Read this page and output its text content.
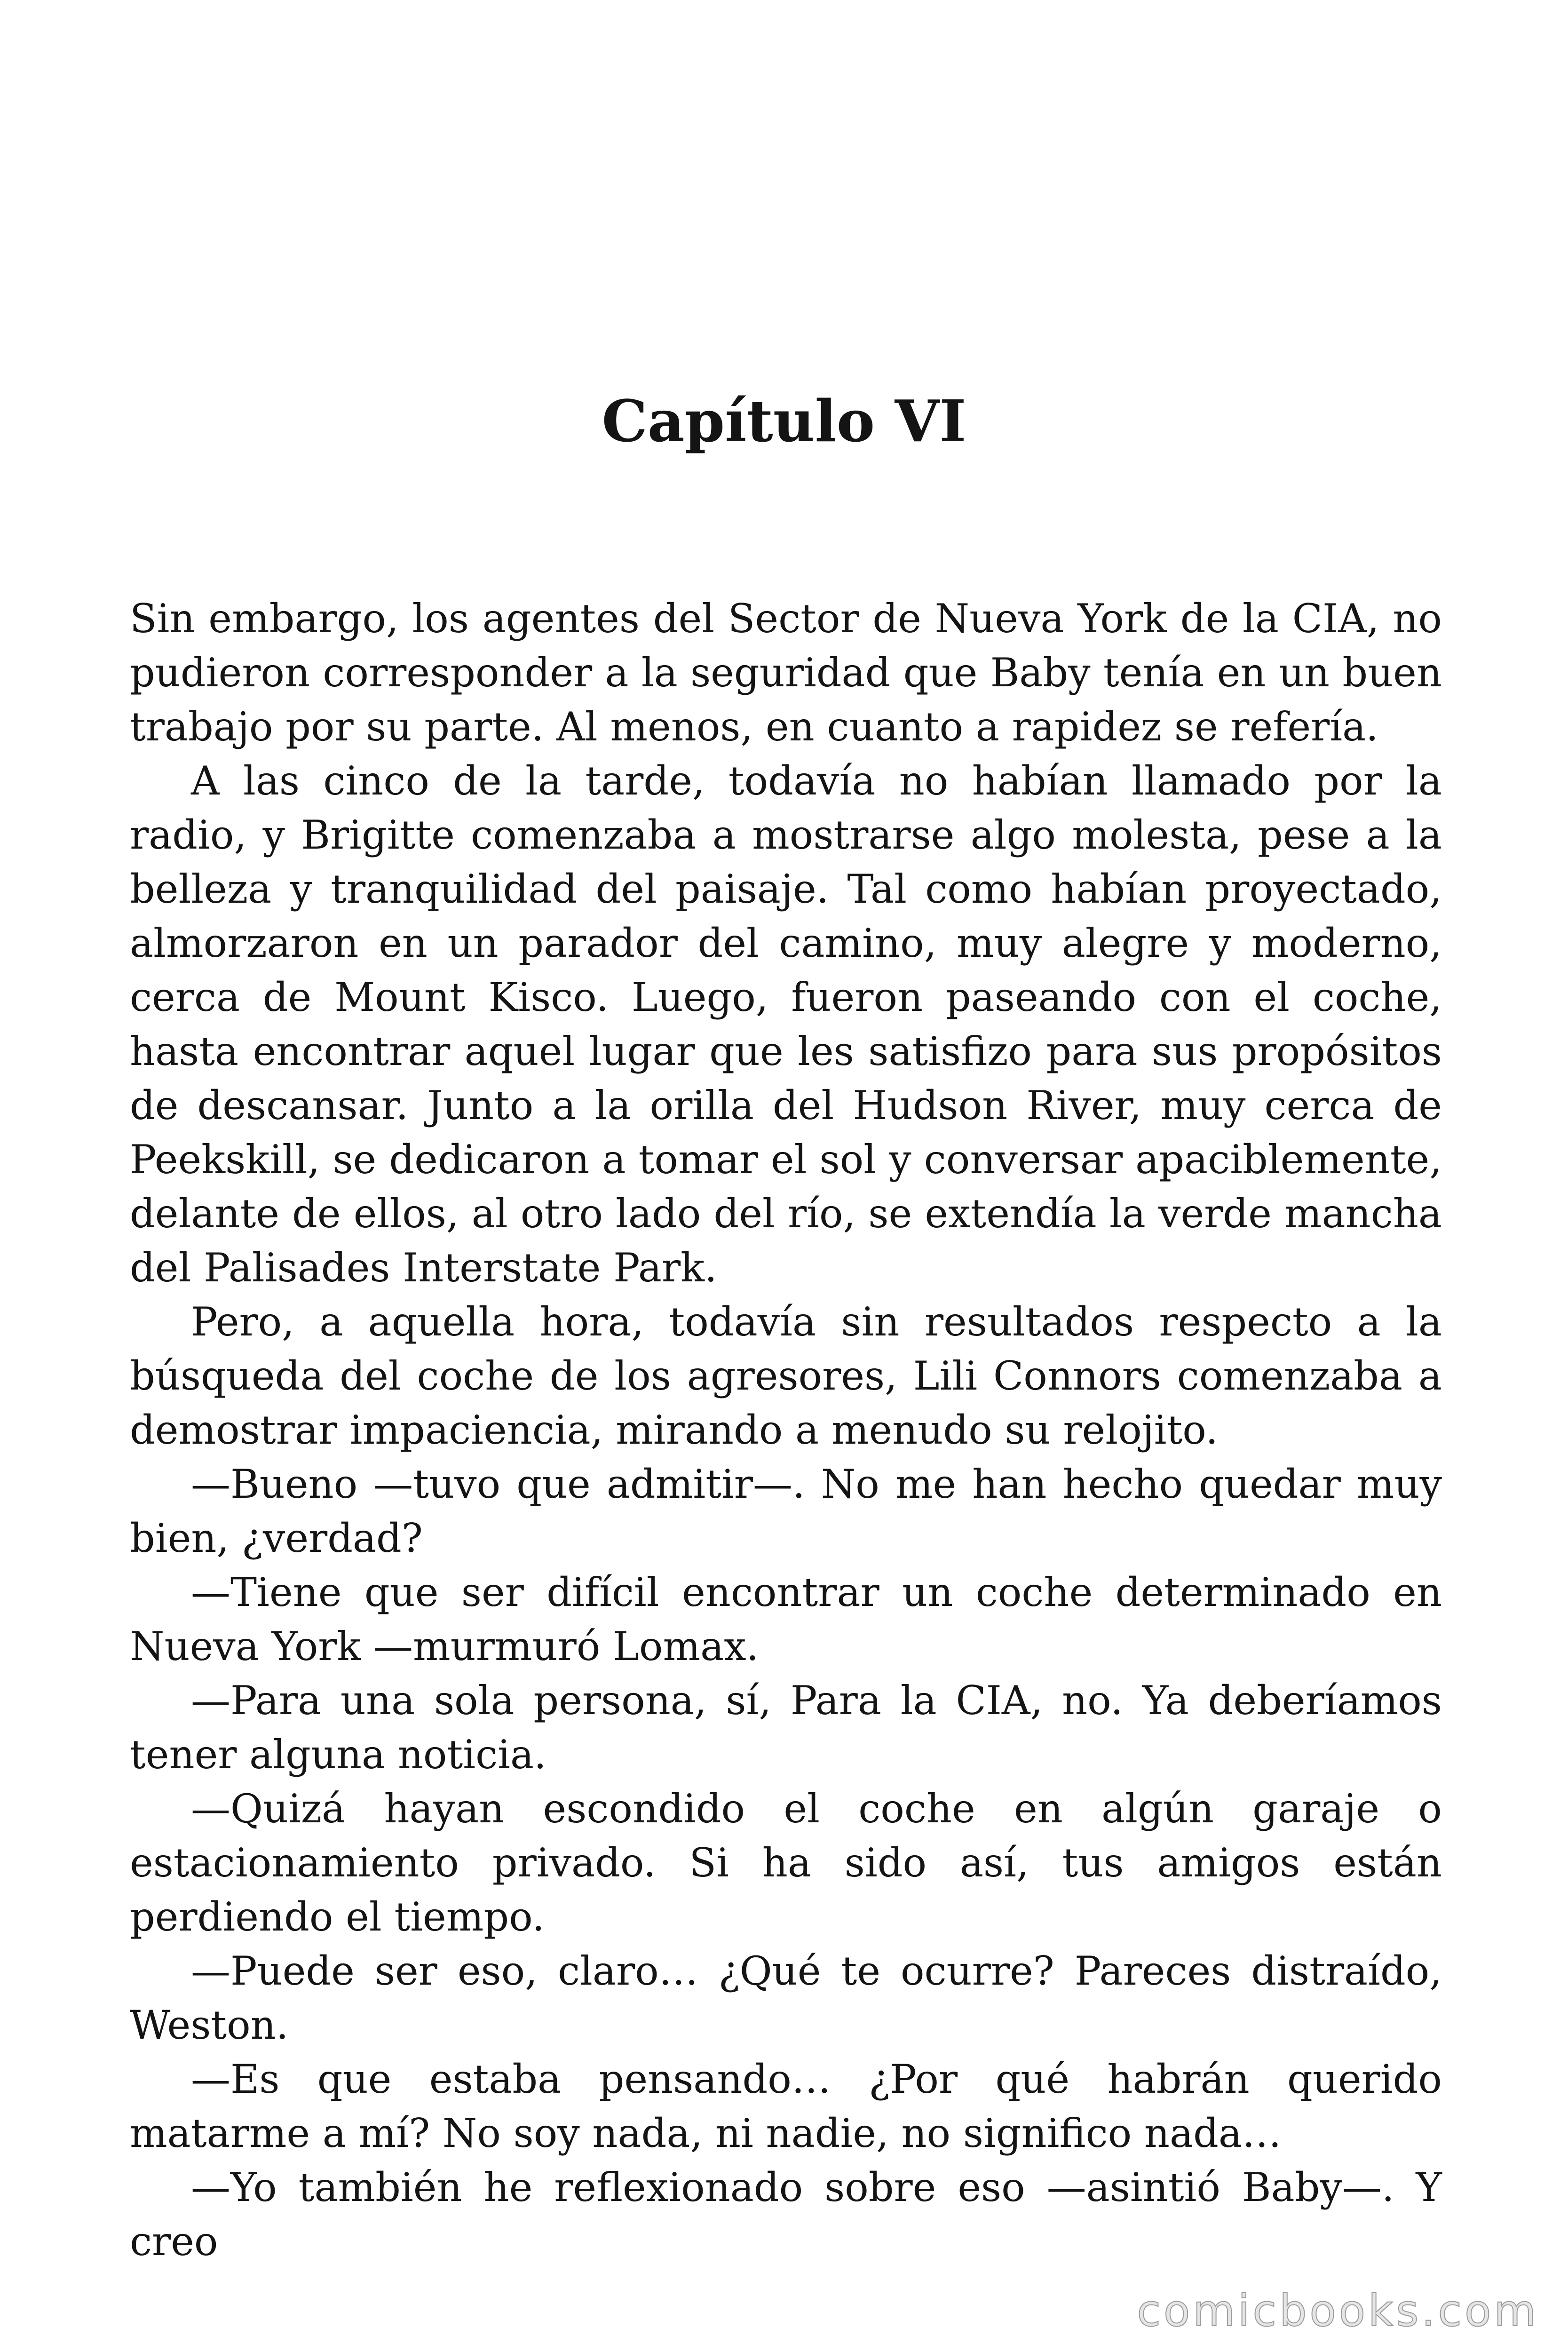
Capítulo VI

Sin embargo, los agentes del Sector de Nueva York de la CIA, no pudieron corresponder a la seguridad que Baby tenía en un buen trabajo por su parte. Al menos, en cuanto a rapidez se refería.

A las cinco de la tarde, todavía no habían llamado por la radio, y Brigitte comenzaba a mostrarse algo molesta, pese a la belleza y tranquilidad del paisaje. Tal como habían proyectado, almorzaron en un parador del camino, muy alegre y moderno, cerca de Mount Kisco. Luego, fueron paseando con el coche, hasta encontrar aquel lugar que les satisfizo para sus propósitos de descansar. Junto a la orilla del Hudson River, muy cerca de Peekskill, se dedicaron a tomar el sol y conversar apaciblemente, delante de ellos, al otro lado del río, se extendía la verde mancha del Palisades Interstate Park.

Pero, a aquella hora, todavía sin resultados respecto a la búsqueda del coche de los agresores, Lili Connors comenzaba a demostrar impaciencia, mirando a menudo su relojito.

—Bueno —tuvo que admitir—. No me han hecho quedar muy bien, ¿verdad?

—Tiene que ser difícil encontrar un coche determinado en Nueva York —murmuró Lomax.

—Para una sola persona, sí, Para la CIA, no. Ya deberíamos tener alguna noticia.

—Quizá hayan escondido el coche en algún garaje o estacionamiento privado. Si ha sido así, tus amigos están perdiendo el tiempo.

—Puede ser eso, claro… ¿Qué te ocurre? Pareces distraído, Weston.

—Es que estaba pensando… ¿Por qué habrán querido matarme a mí? No soy nada, ni nadie, no significo nada…

—Yo también he reflexionado sobre eso —asintió Baby—. Y creo

comicbooks.com
